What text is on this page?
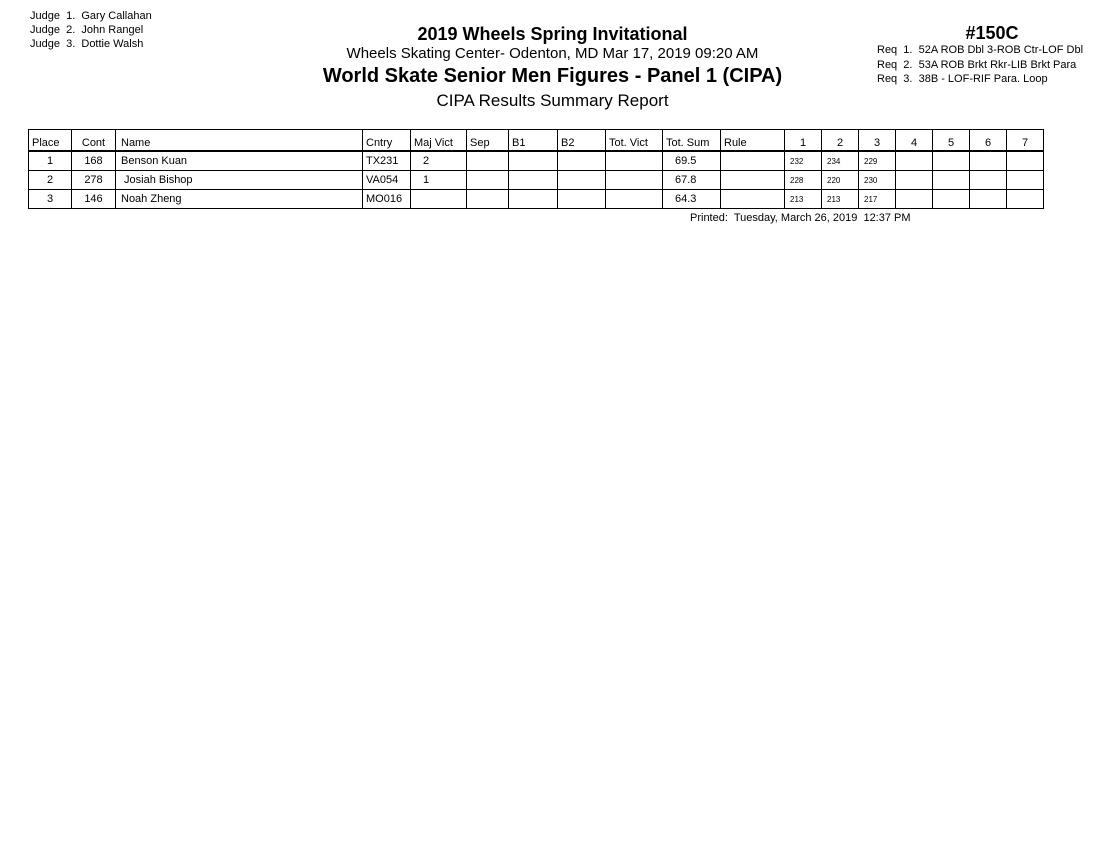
Judge  1.  Gary Callahan
Judge  2.  John Rangel
Judge  3.  Dottie Walsh	2019 Wheels Spring Invitational
Wheels Skating Center- Odenton, MD Mar 17, 2019 09:20 AM
World Skate Senior Men Figures - Panel 1 (CIPA)
CIPA Results Summary Report
#150C
Req  1.  52A ROB Dbl 3-ROB Ctr-LOF Dbl
Req  2.  53A ROB Brkt Rkr-LIB Brkt Para
Req  3.  38B - LOF-RIF Para. Loop
Place	Cont	Name	Cntry	Maj Vict	Sep	B1	B2	Tot. Vict	Tot. Sum	Rule	1	2	3	4	5	6	7
1	168	Benson Kuan	TX231	2					69.5		232	234	229				
2	278	Josiah Bishop	VA054	1					67.8		228	220	230				
3	146	Noah Zheng	MO016						64.3		213	213	217				
Printed:  Tuesday, March 26, 2019  12:37 PM
